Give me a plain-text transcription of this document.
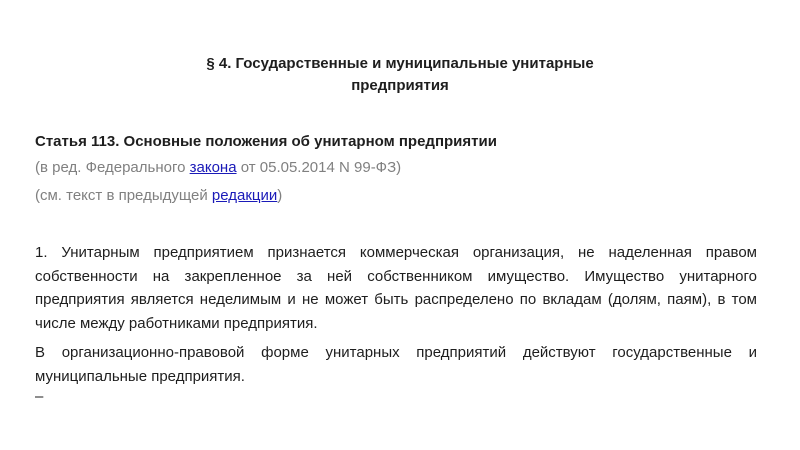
§ 4. Государственные и муниципальные унитарные
предприятия
Статья 113. Основные положения об унитарном предприятии
(в ред. Федерального закона от 05.05.2014 N 99-ФЗ)
(см. текст в предыдущей редакции)

1. Унитарным предприятием признается коммерческая организация, не наделенная правом собственности на закрепленное за ней собственником имущество. Имущество унитарного предприятия является неделимым и не может быть распределено по вкладам (долям, паям), в том числе между работниками предприятия.

В организационно-правовой форме унитарных предприятий действуют государственные и муниципальные предприятия.

–
